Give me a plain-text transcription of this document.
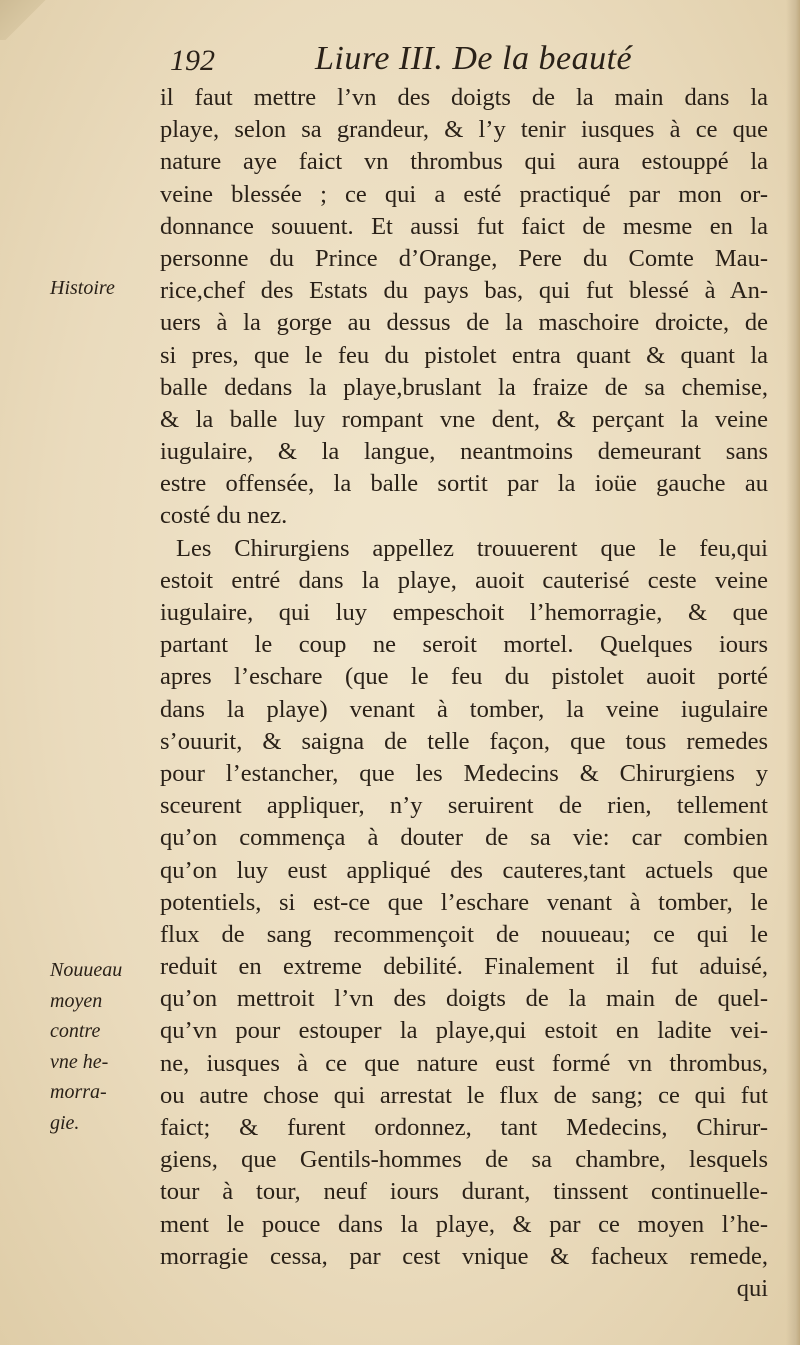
192	Liure III. De la beauté
Histoire
Nouueau
moyen
contre
vne he-
morra-
gie.
il faut mettre l’vn des doigts de la main dans la
playe, selon sa grandeur, & l’y tenir iusques à ce que
nature aye faict vn thrombus qui aura estouppé la
veine blessée ; ce qui a esté practiqué par mon or-
donnance souuent. Et aussi fut faict de mesme en la
personne du Prince d’Orange, Pere du Comte Mau-
rice,chef des Estats du pays bas, qui fut blessé à An-
uers à la gorge au dessus de la maschoire droicte, de
si pres, que le feu du pistolet entra quant & quant la
balle dedans la playe,bruslant la fraize de sa chemise,
& la balle luy rompant vne dent, & perçant la veine
iugulaire, & la langue, neantmoins demeurant sans
estre offensée, la balle sortit par la ioüe gauche au
costé du nez.
Les Chirurgiens appellez trouuerent que le feu,qui
estoit entré dans la playe, auoit cauterisé ceste veine
iugulaire, qui luy empeschoit l’hemorragie, & que
partant le coup ne seroit mortel. Quelques iours
apres l’eschare (que le feu du pistolet auoit porté
dans la playe) venant à tomber, la veine iugulaire
s’ouurit, & saigna de telle façon, que tous remedes
pour l’estancher, que les Medecins & Chirurgiens y
sceurent appliquer, n’y seruirent de rien, tellement
qu’on commença à douter de sa vie: car combien
qu’on luy eust appliqué des cauteres,tant actuels que
potentiels, si est-ce que l’eschare venant à tomber, le
flux de sang recommençoit de nouueau; ce qui le
reduit en extreme debilité. Finalement il fut aduisé,
qu’on mettroit l’vn des doigts de la main de quel-
qu’vn pour estouper la playe,qui estoit en ladite vei-
ne, iusques à ce que nature eust formé vn thrombus,
ou autre chose qui arrestat le flux de sang; ce qui fut
faict; & furent ordonnez, tant Medecins, Chirur-
giens, que Gentils-hommes de sa chambre, lesquels
tour à tour, neuf iours durant, tinssent continuelle-
ment le pouce dans la playe, & par ce moyen l’he-
morragie cessa, par cest vnique & facheux remede,
qui
